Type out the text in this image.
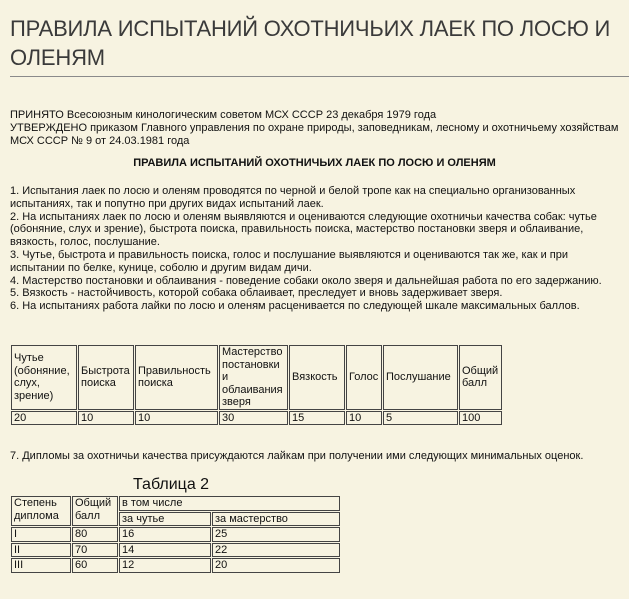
ПРАВИЛА ИСПЫТАНИЙ ОХОТНИЧЬИХ ЛАЕК ПО ЛОСЮ И ОЛЕНЯМ
ПРИНЯТО Всесоюзным кинологическим советом МСХ СССР 23 декабря 1979 года
УТВЕРЖДЕНО приказом Главного управления по охране природы, заповедникам, лесному и охотничьему хозяйствам МСХ СССР № 9 от 24.03.1981 года
ПРАВИЛА ИСПЫТАНИЙ ОХОТНИЧЬИХ ЛАЕК ПО ЛОСЮ И ОЛЕНЯМ
1. Испытания лаек по лосю и оленям проводятся по черной и белой тропе как на специально организованных испытаниях, так и попутно при других видах испытаний лаек.
2. На испытаниях лаек по лосю и оленям выявляются и оцениваются следующие охотничьи качества собак: чутье (обоняние, слух и зрение), быстрота поиска, правильность поиска, мастерство постановки зверя и облаивание, вязкость, голос, послушание.
3. Чутье, быстрота и правильность поиска, голос и послушание выявляются и оцениваются так же, как и при испытании по белке, кунице, соболю и другим видам дичи.
4. Мастерство постановки и облаивания - поведение собаки около зверя и дальнейшая работа по его задержанию.
5. Вязкость - настойчивость, которой собака облаивает, преследует и вновь задерживает зверя.
6. На испытаниях работа лайки по лосю и оленям расценивается по следующей шкале максимальных баллов.
Чутье (обоняние, слух, зрение)	Быстрота поиска	Правильность поиска	Мастерство постановки и облаивания зверя	Вязкость	Голос	Послушание	Общий балл
20	10	10	30	15	10	5	100
7. Дипломы за охотничьи качества присуждаются лайкам при получении ими следующих минимальных оценок.
Таблица 2
Степень диплома	Общий балл	в том числе	
		за чутье	за мастерство
I	80	16	25
II	70	14	22
III	60	12	20
